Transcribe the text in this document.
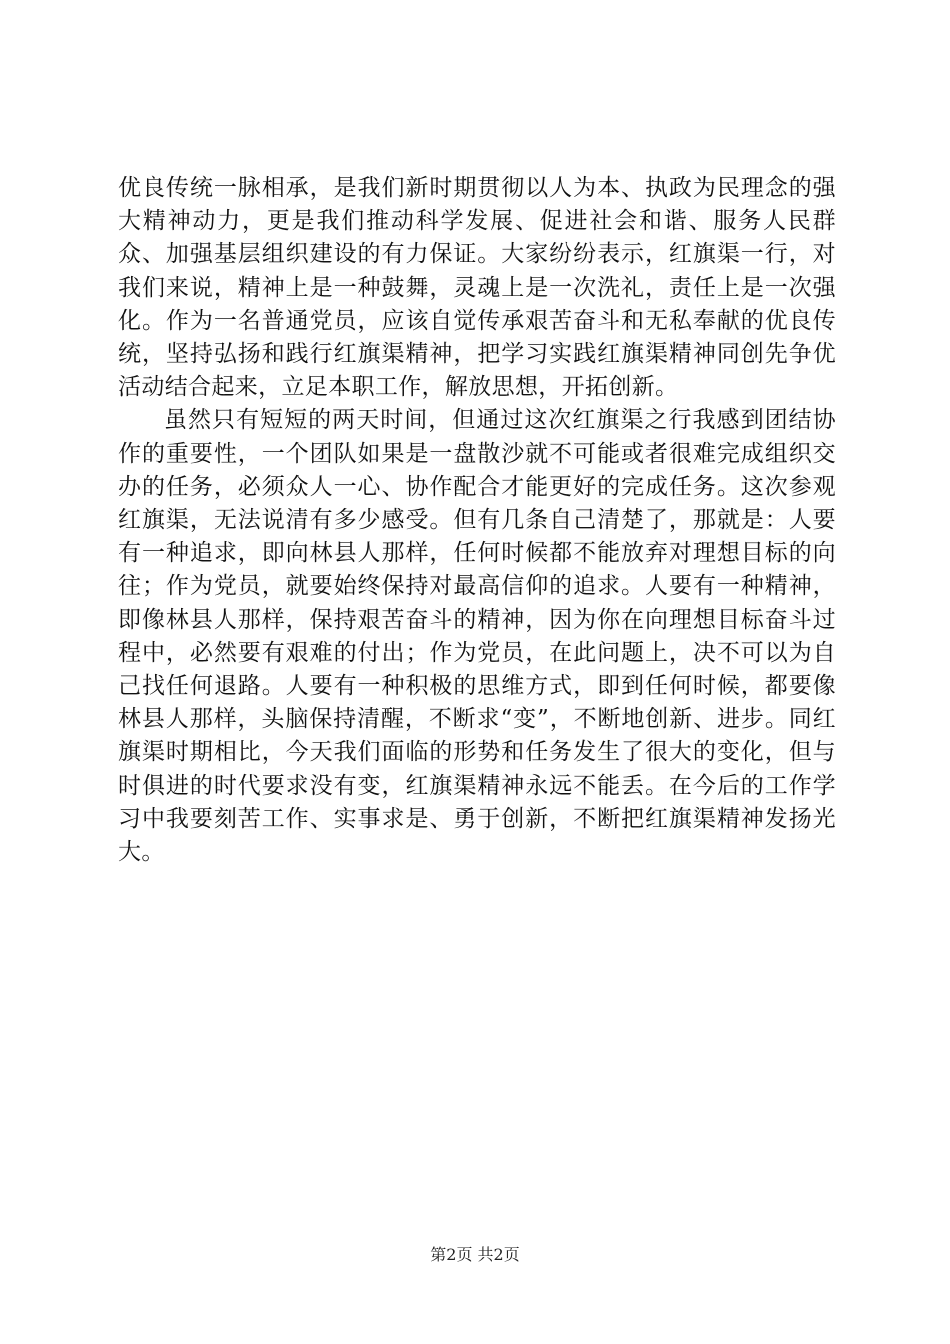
优良传统一脉相承，是我们新时期贯彻以人为本、执政为民理念的强大精神动力，更是我们推动科学发展、促进社会和谐、服务人民群众、加强基层组织建设的有力保证。大家纷纷表示，红旗渠一行，对我们来说，精神上是一种鼓舞，灵魂上是一次洗礼，责任上是一次强化。作为一名普通党员，应该自觉传承艰苦奋斗和无私奉献的优良传统，坚持弘扬和践行红旗渠精神，把学习实践红旗渠精神同创先争优活动结合起来，立足本职工作，解放思想，开拓创新。

虽然只有短短的两天时间，但通过这次红旗渠之行我感到团结协作的重要性，一个团队如果是一盘散沙就不可能或者很难完成组织交办的任务，必须众人一心、协作配合才能更好的完成任务。这次参观红旗渠，无法说清有多少感受。但有几条自己清楚了，那就是：人要有一种追求，即向林县人那样，任何时候都不能放弃对理想目标的向往；作为党员，就要始终保持对最高信仰的追求。人要有一种精神，即像林县人那样，保持艰苦奋斗的精神，因为你在向理想目标奋斗过程中，必然要有艰难的付出；作为党员，在此问题上，决不可以为自己找任何退路。人要有一种积极的思维方式，即到任何时候，都要像林县人那样，头脑保持清醒，不断求“变”，不断地创新、进步。同红旗渠时期相比，今天我们面临的形势和任务发生了很大的变化，但与时俱进的时代要求没有变，红旗渠精神永远不能丢。在今后的工作学习中我要刻苦工作、实事求是、勇于创新，不断把红旗渠精神发扬光大。

第2页 共2页
